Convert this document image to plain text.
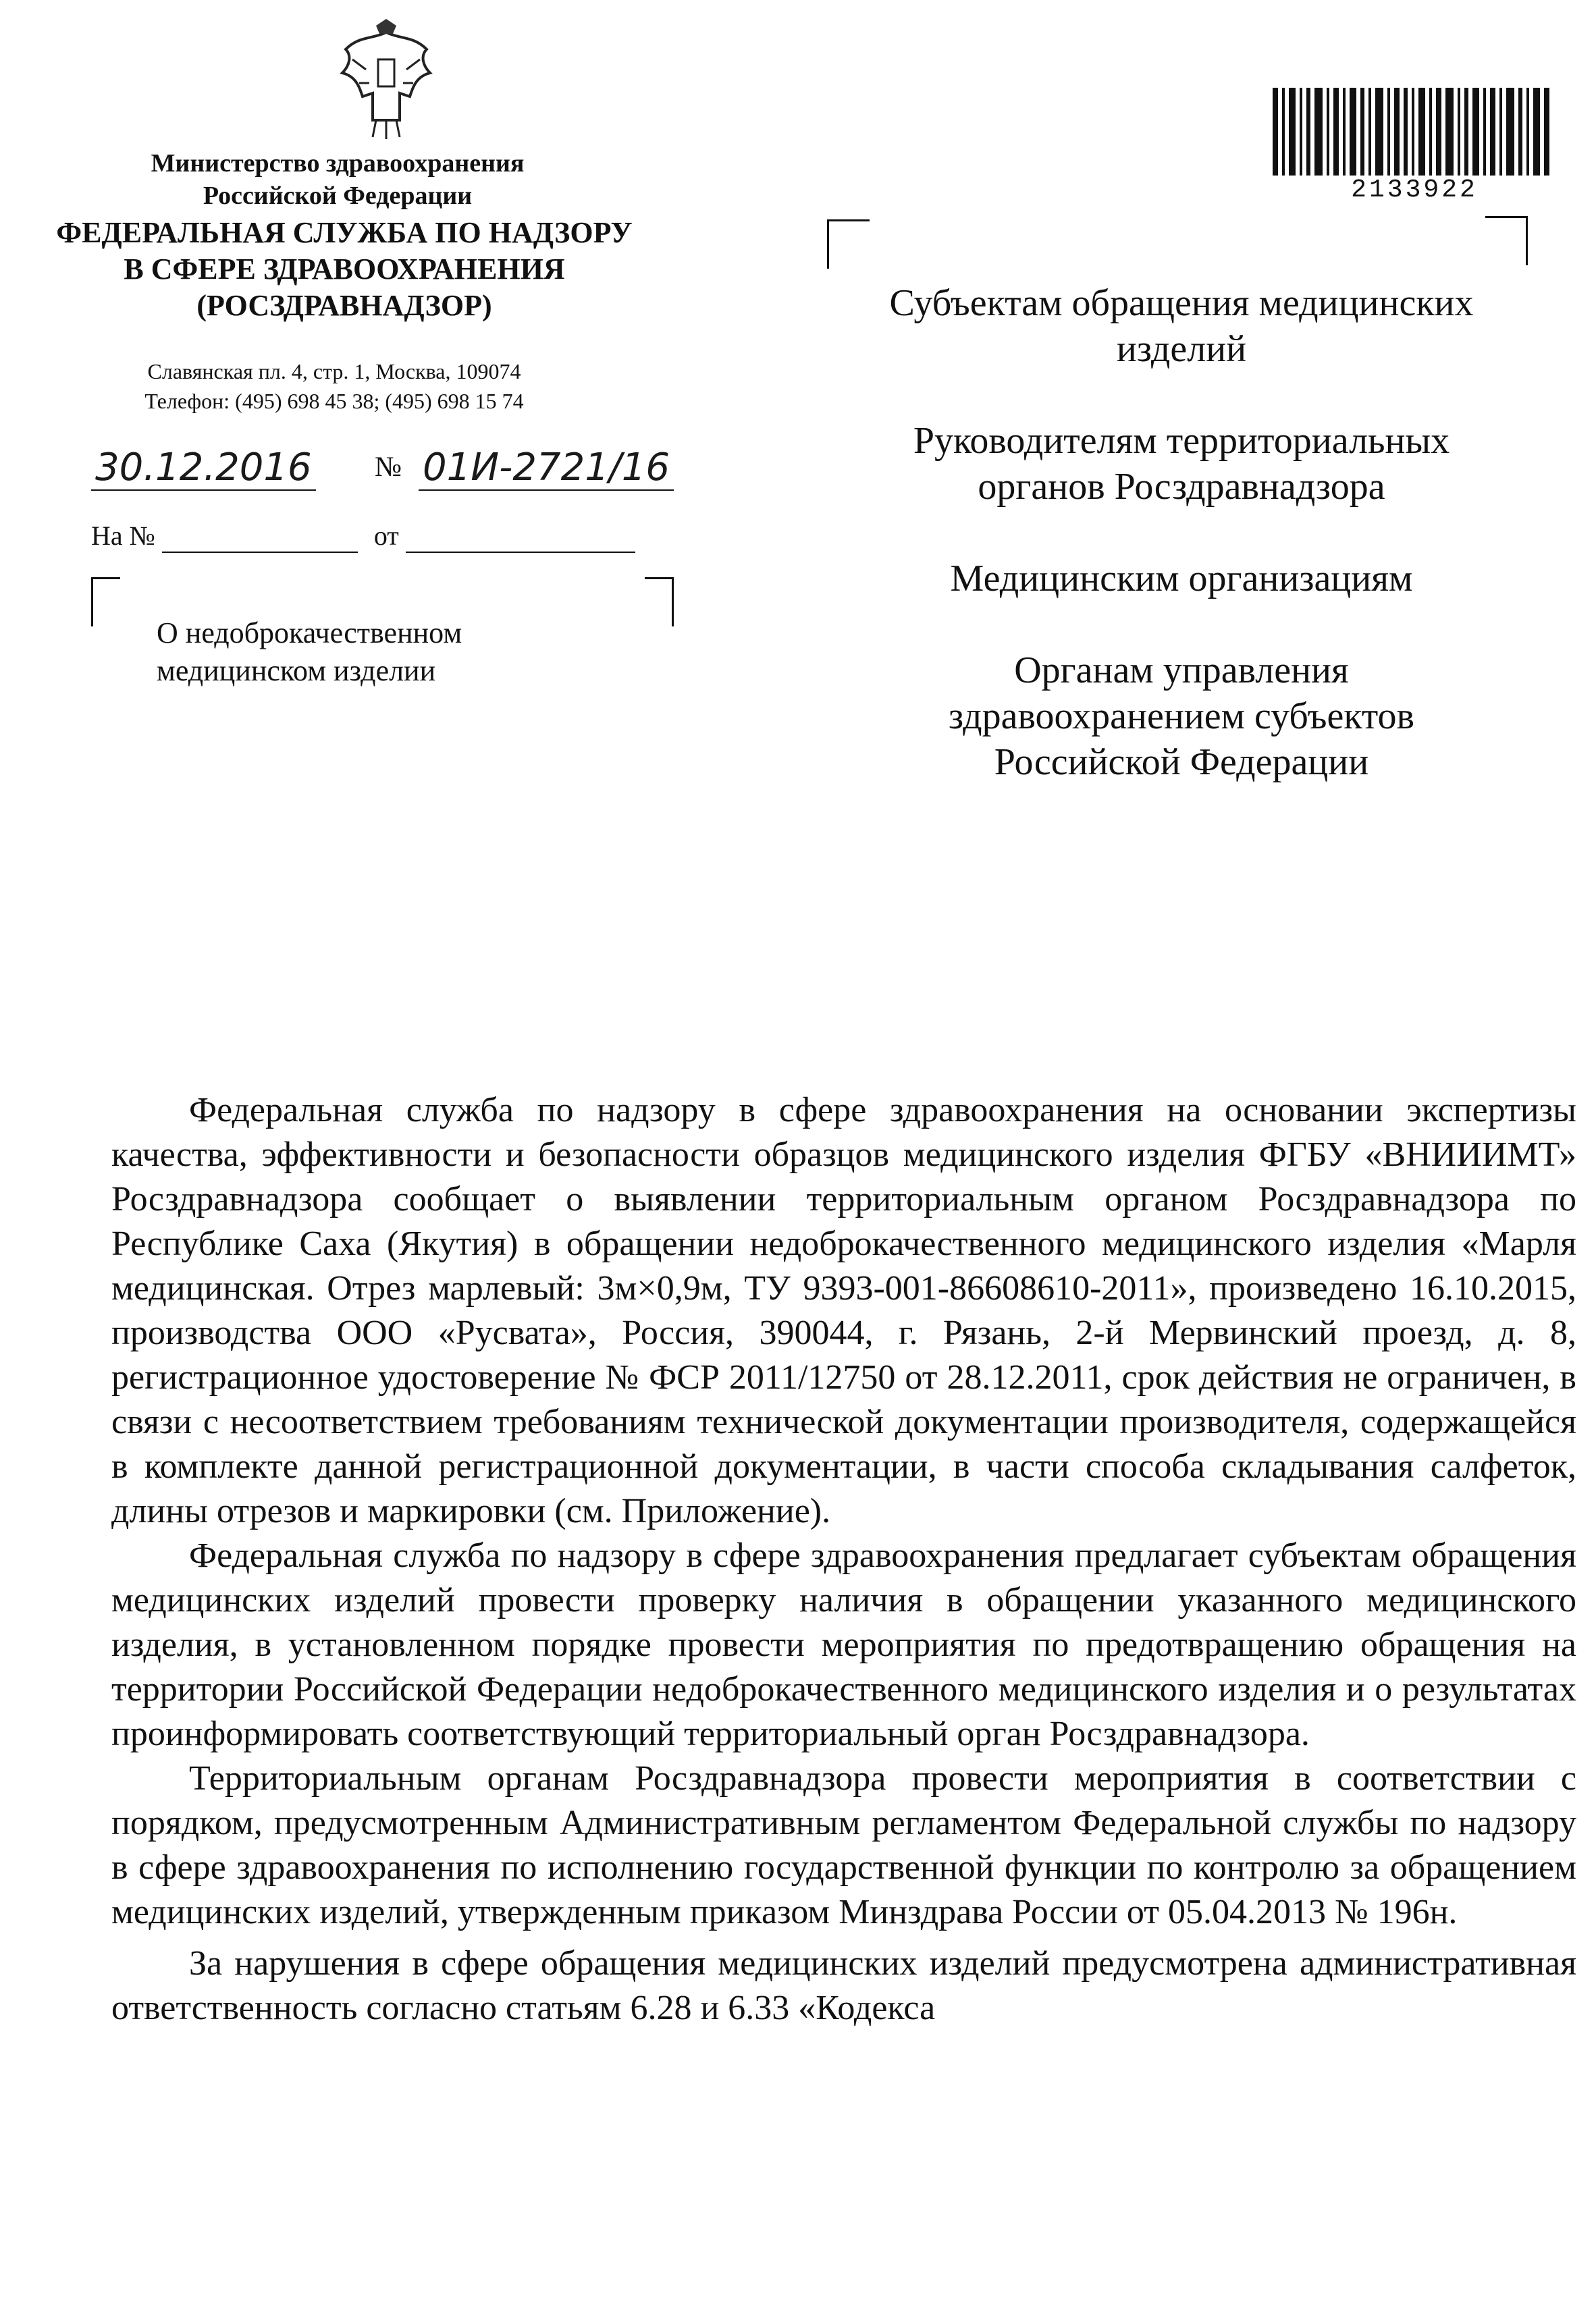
Министерство здравоохранения
Российской Федерации
ФЕДЕРАЛЬНАЯ СЛУЖБА ПО НАДЗОРУ
В СФЕРЕ ЗДРАВООХРАНЕНИЯ
(РОСЗДРАВНАДЗОР)
Славянская пл. 4, стр. 1, Москва, 109074
Телефон: (495) 698 45 38; (495) 698 15 74
30.12.2016 № 01И-2721/16
На №	от
О недоброкачественном
медицинском изделии
2133922

Субъектам обращения медицинских изделий

Руководителям территориальных органов Росздравнадзора

Медицинским организациям

Органам управления здравоохранением субъектов Российской Федерации

Федеральная служба по надзору в сфере здравоохранения на основании экспертизы качества, эффективности и безопасности образцов медицинского изделия ФГБУ «ВНИИИМТ» Росздравнадзора сообщает о выявлении территориальным органом Росздравнадзора по Республике Саха (Якутия) в обращении недоброкачественного медицинского изделия «Марля медицинская. Отрез марлевый: 3м×0,9м, ТУ 9393-001-86608610-2011», произведено 16.10.2015, производства ООО «Русвата», Россия, 390044, г. Рязань, 2-й Мервинский проезд, д. 8, регистрационное удостоверение № ФСР 2011/12750 от 28.12.2011, срок действия не ограничен, в связи с несоответствием требованиям технической документации производителя, содержащейся в комплекте данной регистрационной документации, в части способа складывания салфеток, длины отрезов и маркировки (см. Приложение).

Федеральная служба по надзору в сфере здравоохранения предлагает субъектам обращения медицинских изделий провести проверку наличия в обращении указанного медицинского изделия, в установленном порядке провести мероприятия по предотвращению обращения на территории Российской Федерации недоброкачественного медицинского изделия и о результатах проинформировать соответствующий территориальный орган Росздравнадзора.

Территориальным органам Росздравнадзора провести мероприятия в соответствии с порядком, предусмотренным Административным регламентом Федеральной службы по надзору в сфере здравоохранения по исполнению государственной функции по контролю за обращением медицинских изделий, утвержденным приказом Минздрава России от 05.04.2013 № 196н.

За нарушения в сфере обращения медицинских изделий предусмотрена административная ответственность согласно статьям 6.28 и 6.33 «Кодекса
